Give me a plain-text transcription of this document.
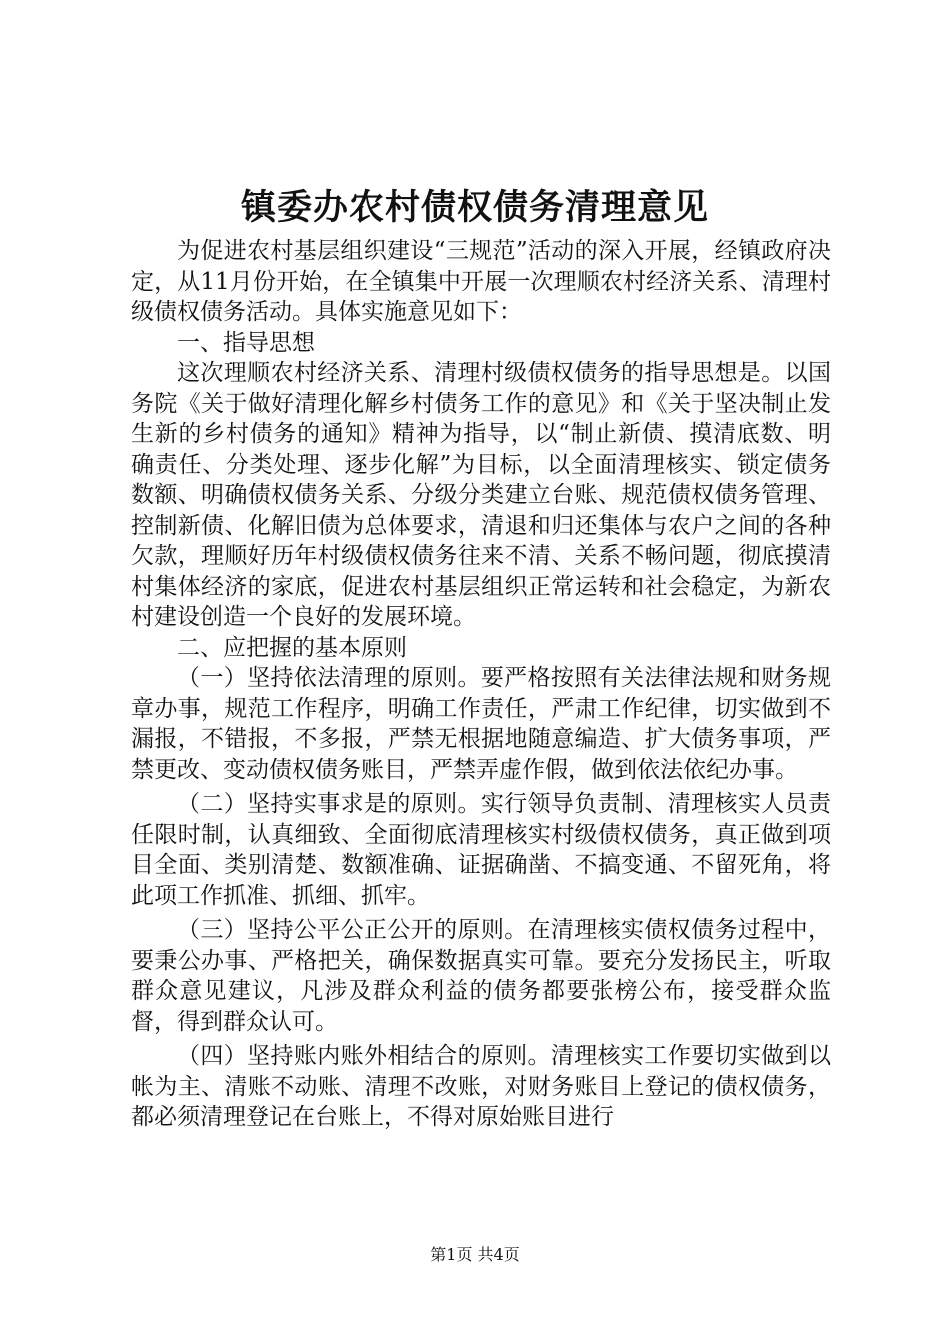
镇委办农村债权债务清理意见

为促进农村基层组织建设“三规范”活动的深入开展，经镇政府决定，从11月份开始，在全镇集中开展一次理顺农村经济关系、清理村级债权债务活动。具体实施意见如下：

一、指导思想

这次理顺农村经济关系、清理村级债权债务的指导思想是。以国务院《关于做好清理化解乡村债务工作的意见》和《关于坚决制止发生新的乡村债务的通知》精神为指导，以“制止新债、摸清底数、明确责任、分类处理、逐步化解”为目标，以全面清理核实、锁定债务数额、明确债权债务关系、分级分类建立台账、规范债权债务管理、控制新债、化解旧债为总体要求，清退和归还集体与农户之间的各种欠款，理顺好历年村级债权债务往来不清、关系不畅问题，彻底摸清村集体经济的家底，促进农村基层组织正常运转和社会稳定，为新农村建设创造一个良好的发展环境。

二、应把握的基本原则

（一）坚持依法清理的原则。要严格按照有关法律法规和财务规章办事，规范工作程序，明确工作责任，严肃工作纪律，切实做到不漏报，不错报，不多报，严禁无根据地随意编造、扩大债务事项，严禁更改、变动债权债务账目，严禁弄虚作假，做到依法依纪办事。

（二）坚持实事求是的原则。实行领导负责制、清理核实人员责任限时制，认真细致、全面彻底清理核实村级债权债务，真正做到项目全面、类别清楚、数额准确、证据确凿、不搞变通、不留死角，将此项工作抓准、抓细、抓牢。

（三）坚持公平公正公开的原则。在清理核实债权债务过程中，要秉公办事、严格把关，确保数据真实可靠。要充分发扬民主，听取群众意见建议，凡涉及群众利益的债务都要张榜公布，接受群众监督，得到群众认可。

（四）坚持账内账外相结合的原则。清理核实工作要切实做到以帐为主、清账不动账、清理不改账，对财务账目上登记的债权债务，都必须清理登记在台账上，不得对原始账目进行

第1页 共4页
